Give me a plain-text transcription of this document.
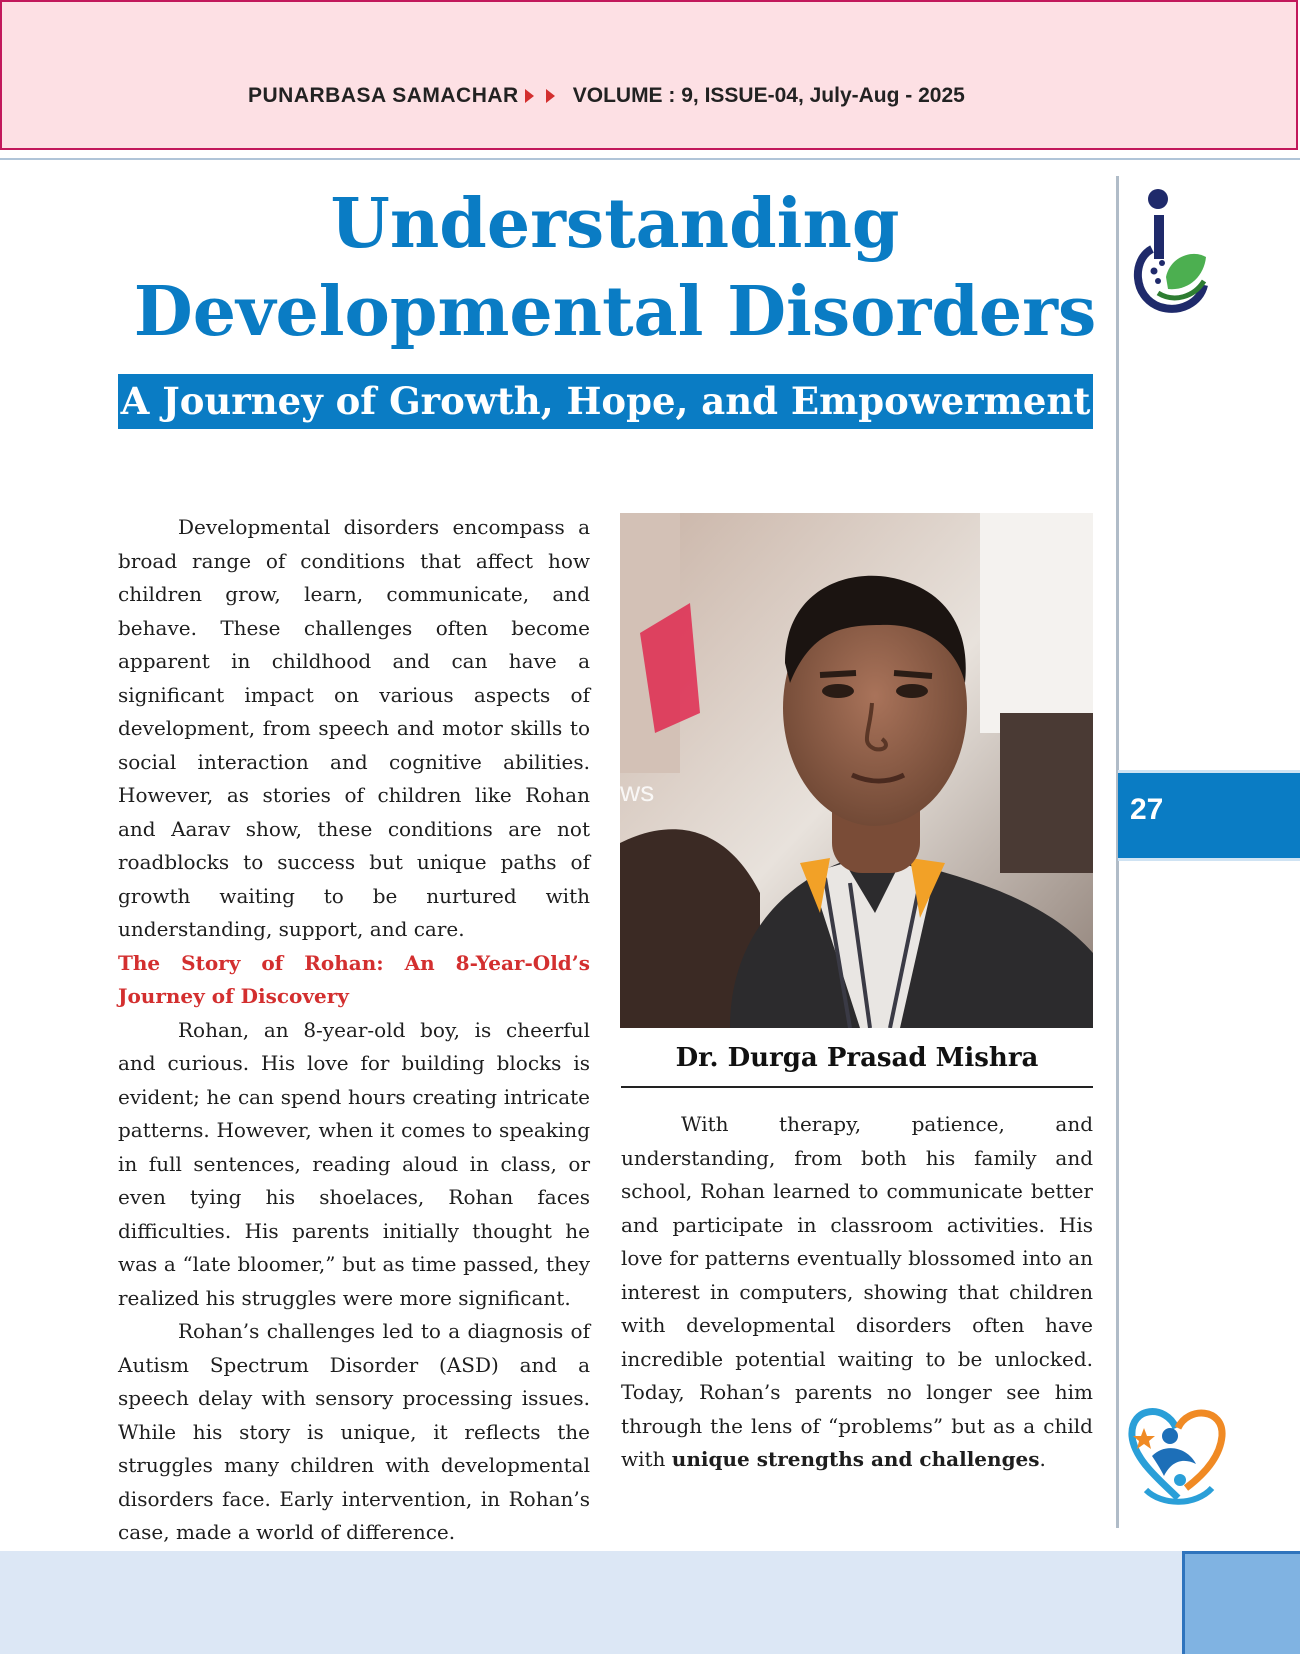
PUNARBASA SAMACHAR	VOLUME : 9, ISSUE-04, July-Aug - 2025
27
Understanding
Developmental Disorders
A Journey of Growth, Hope, and Empowerment

Developmental disorders encompass a broad range of conditions that affect how children grow, learn, communicate, and behave. These challenges often become apparent in childhood and can have a significant impact on various aspects of development, from speech and motor skills to social interaction and cognitive abilities. However, as stories of children like Rohan and Aarav show, these conditions are not roadblocks to success but unique paths of growth waiting to be nurtured with understanding, support, and care.

The Story of Rohan: An 8-Year-Old’s Journey of Discovery

Rohan, an 8-year-old boy, is cheerful and curious. His love for building blocks is evident; he can spend hours creating intricate patterns. However, when it comes to speaking in full sentences, reading aloud in class, or even tying his shoelaces, Rohan faces difficulties. His parents initially thought he was a “late bloomer,” but as time passed, they realized his struggles were more significant.

Rohan’s challenges led to a diagnosis of Autism Spectrum Disorder (ASD) and a speech delay with sensory processing issues. While his story is unique, it reflects the struggles many children with developmental disorders face. Early intervention, in Rohan’s case, made a world of difference.

ws
Dr. Durga Prasad Mishra

With therapy, patience, and understanding, from both his family and school, Rohan learned to communicate better and participate in classroom activities. His love for patterns eventually blossomed into an interest in computers, showing that children with developmental disorders often have incredible potential waiting to be unlocked. Today, Rohan’s parents no longer see him through the lens of “problems” but as a child with unique strengths and challenges.
